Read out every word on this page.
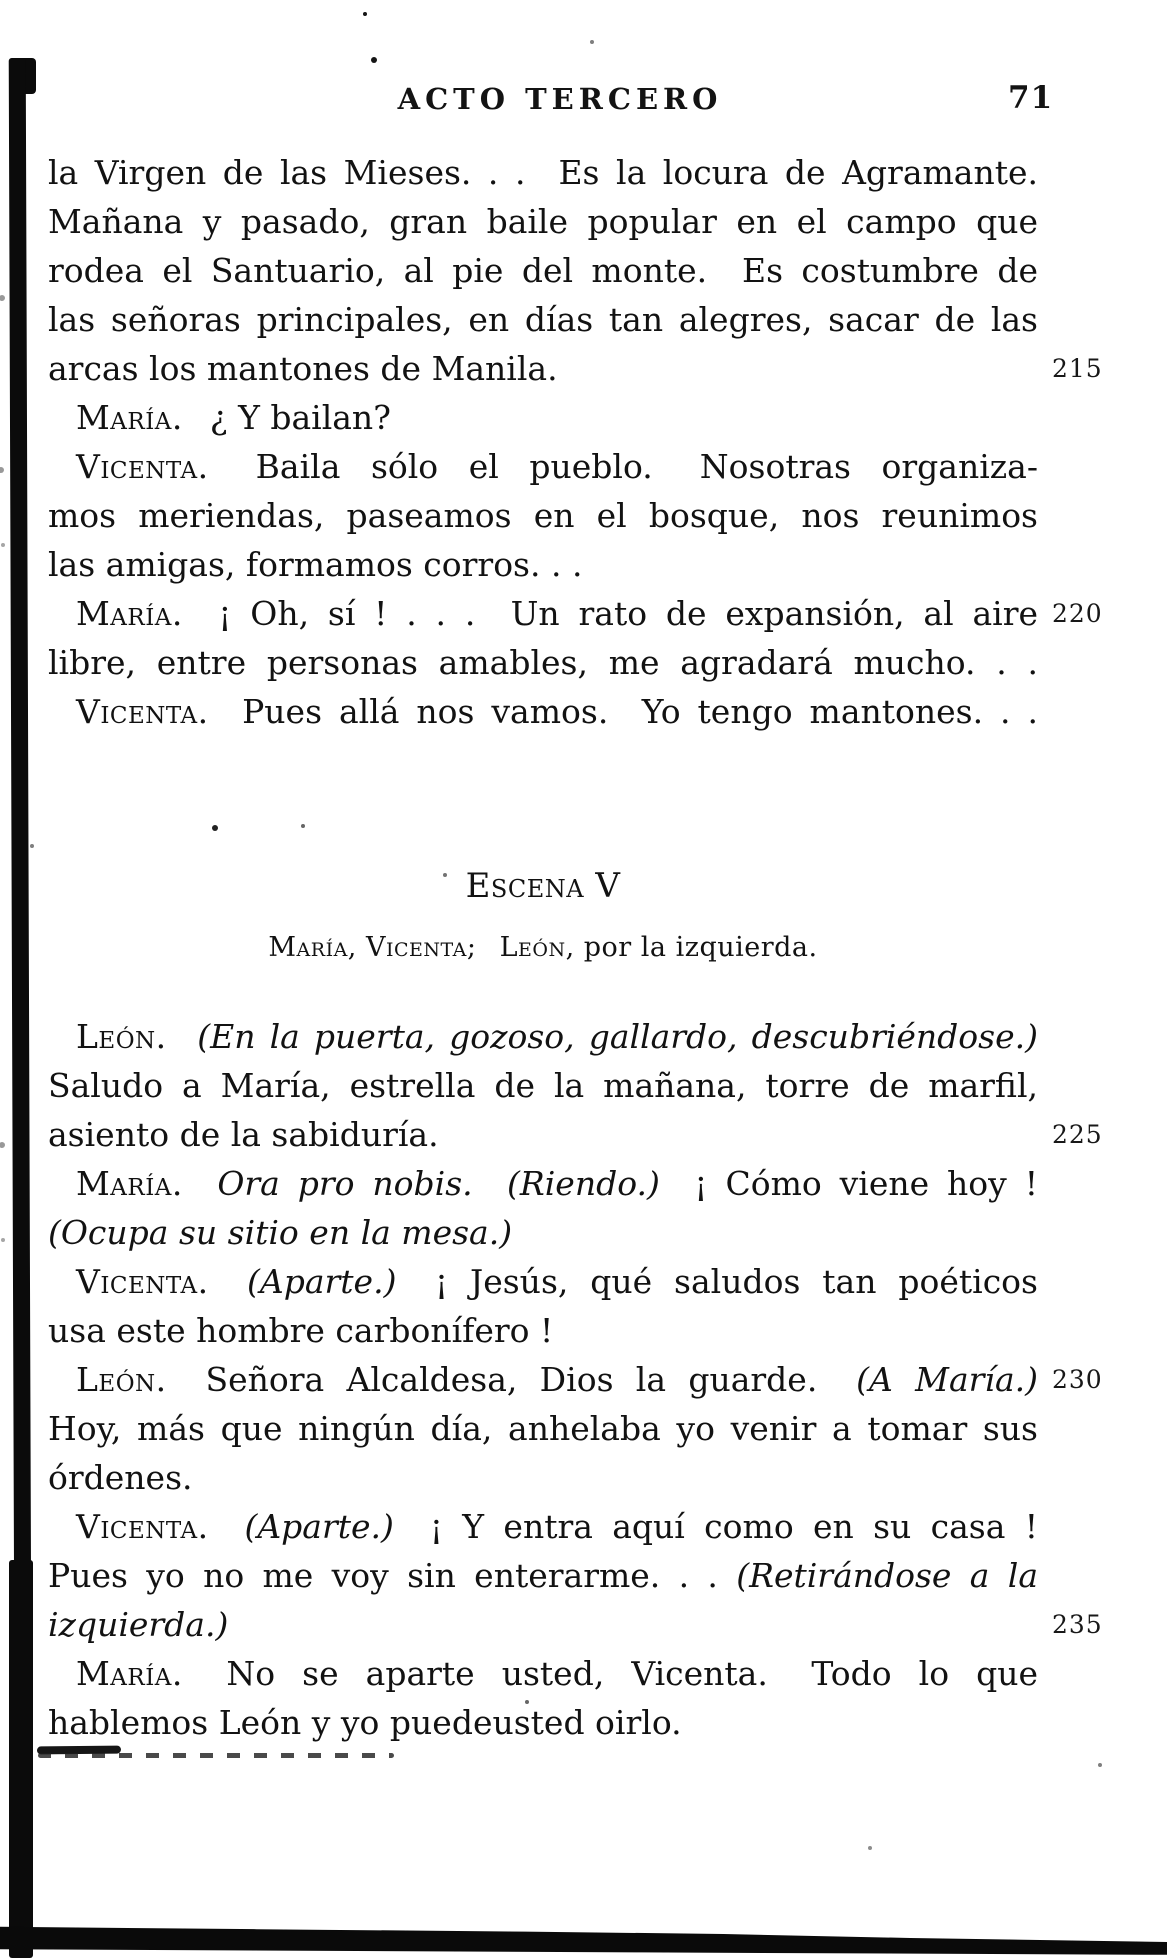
ACTO TERCERO	71
la Virgen de las Mieses. . .  Es la locura de Agramante.
Mañana y pasado, gran baile popular en el campo que
rodea el Santuario, al pie del monte.  Es costumbre de
las señoras principales, en días tan alegres, sacar de las
arcas los mantones de Manila.	215
María.  ¿ Y bailan?
Vicenta.  Baila sólo el pueblo.  Nosotras organiza-
mos meriendas, paseamos en el bosque, nos reunimos
las amigas, formamos corros. . .
María.  ¡ Oh, sí ! . . .  Un rato de expansión, al aire 220
libre, entre personas amables, me agradará mucho. . .
Vicenta.  Pues allá nos vamos.  Yo tengo mantones. . .
Escena V
María, Vicenta;  León, por la izquierda.
León.  (En la puerta, gozoso, gallardo, descubriéndose.)
Saludo a María, estrella de la mañana, torre de marfil,
asiento de la sabiduría.	225
María.  Ora pro nobis.  (Riendo.)  ¡ Cómo viene hoy !
(Ocupa su sitio en la mesa.)
Vicenta.  (Aparte.)  ¡ Jesús, qué saludos tan poéticos
usa este hombre carbonífero !
León.  Señora Alcaldesa, Dios la guarde.  (A María.) 230
Hoy, más que ningún día, anhelaba yo venir a tomar sus
órdenes.
Vicenta.  (Aparte.)  ¡ Y entra aquí como en su casa !
Pues yo no me voy sin enterarme. . . (Retirándose a la
izquierda.)	235
María.  No se aparte usted, Vicenta.  Todo lo que
hablemos León y yo puedeusted oirlo.
